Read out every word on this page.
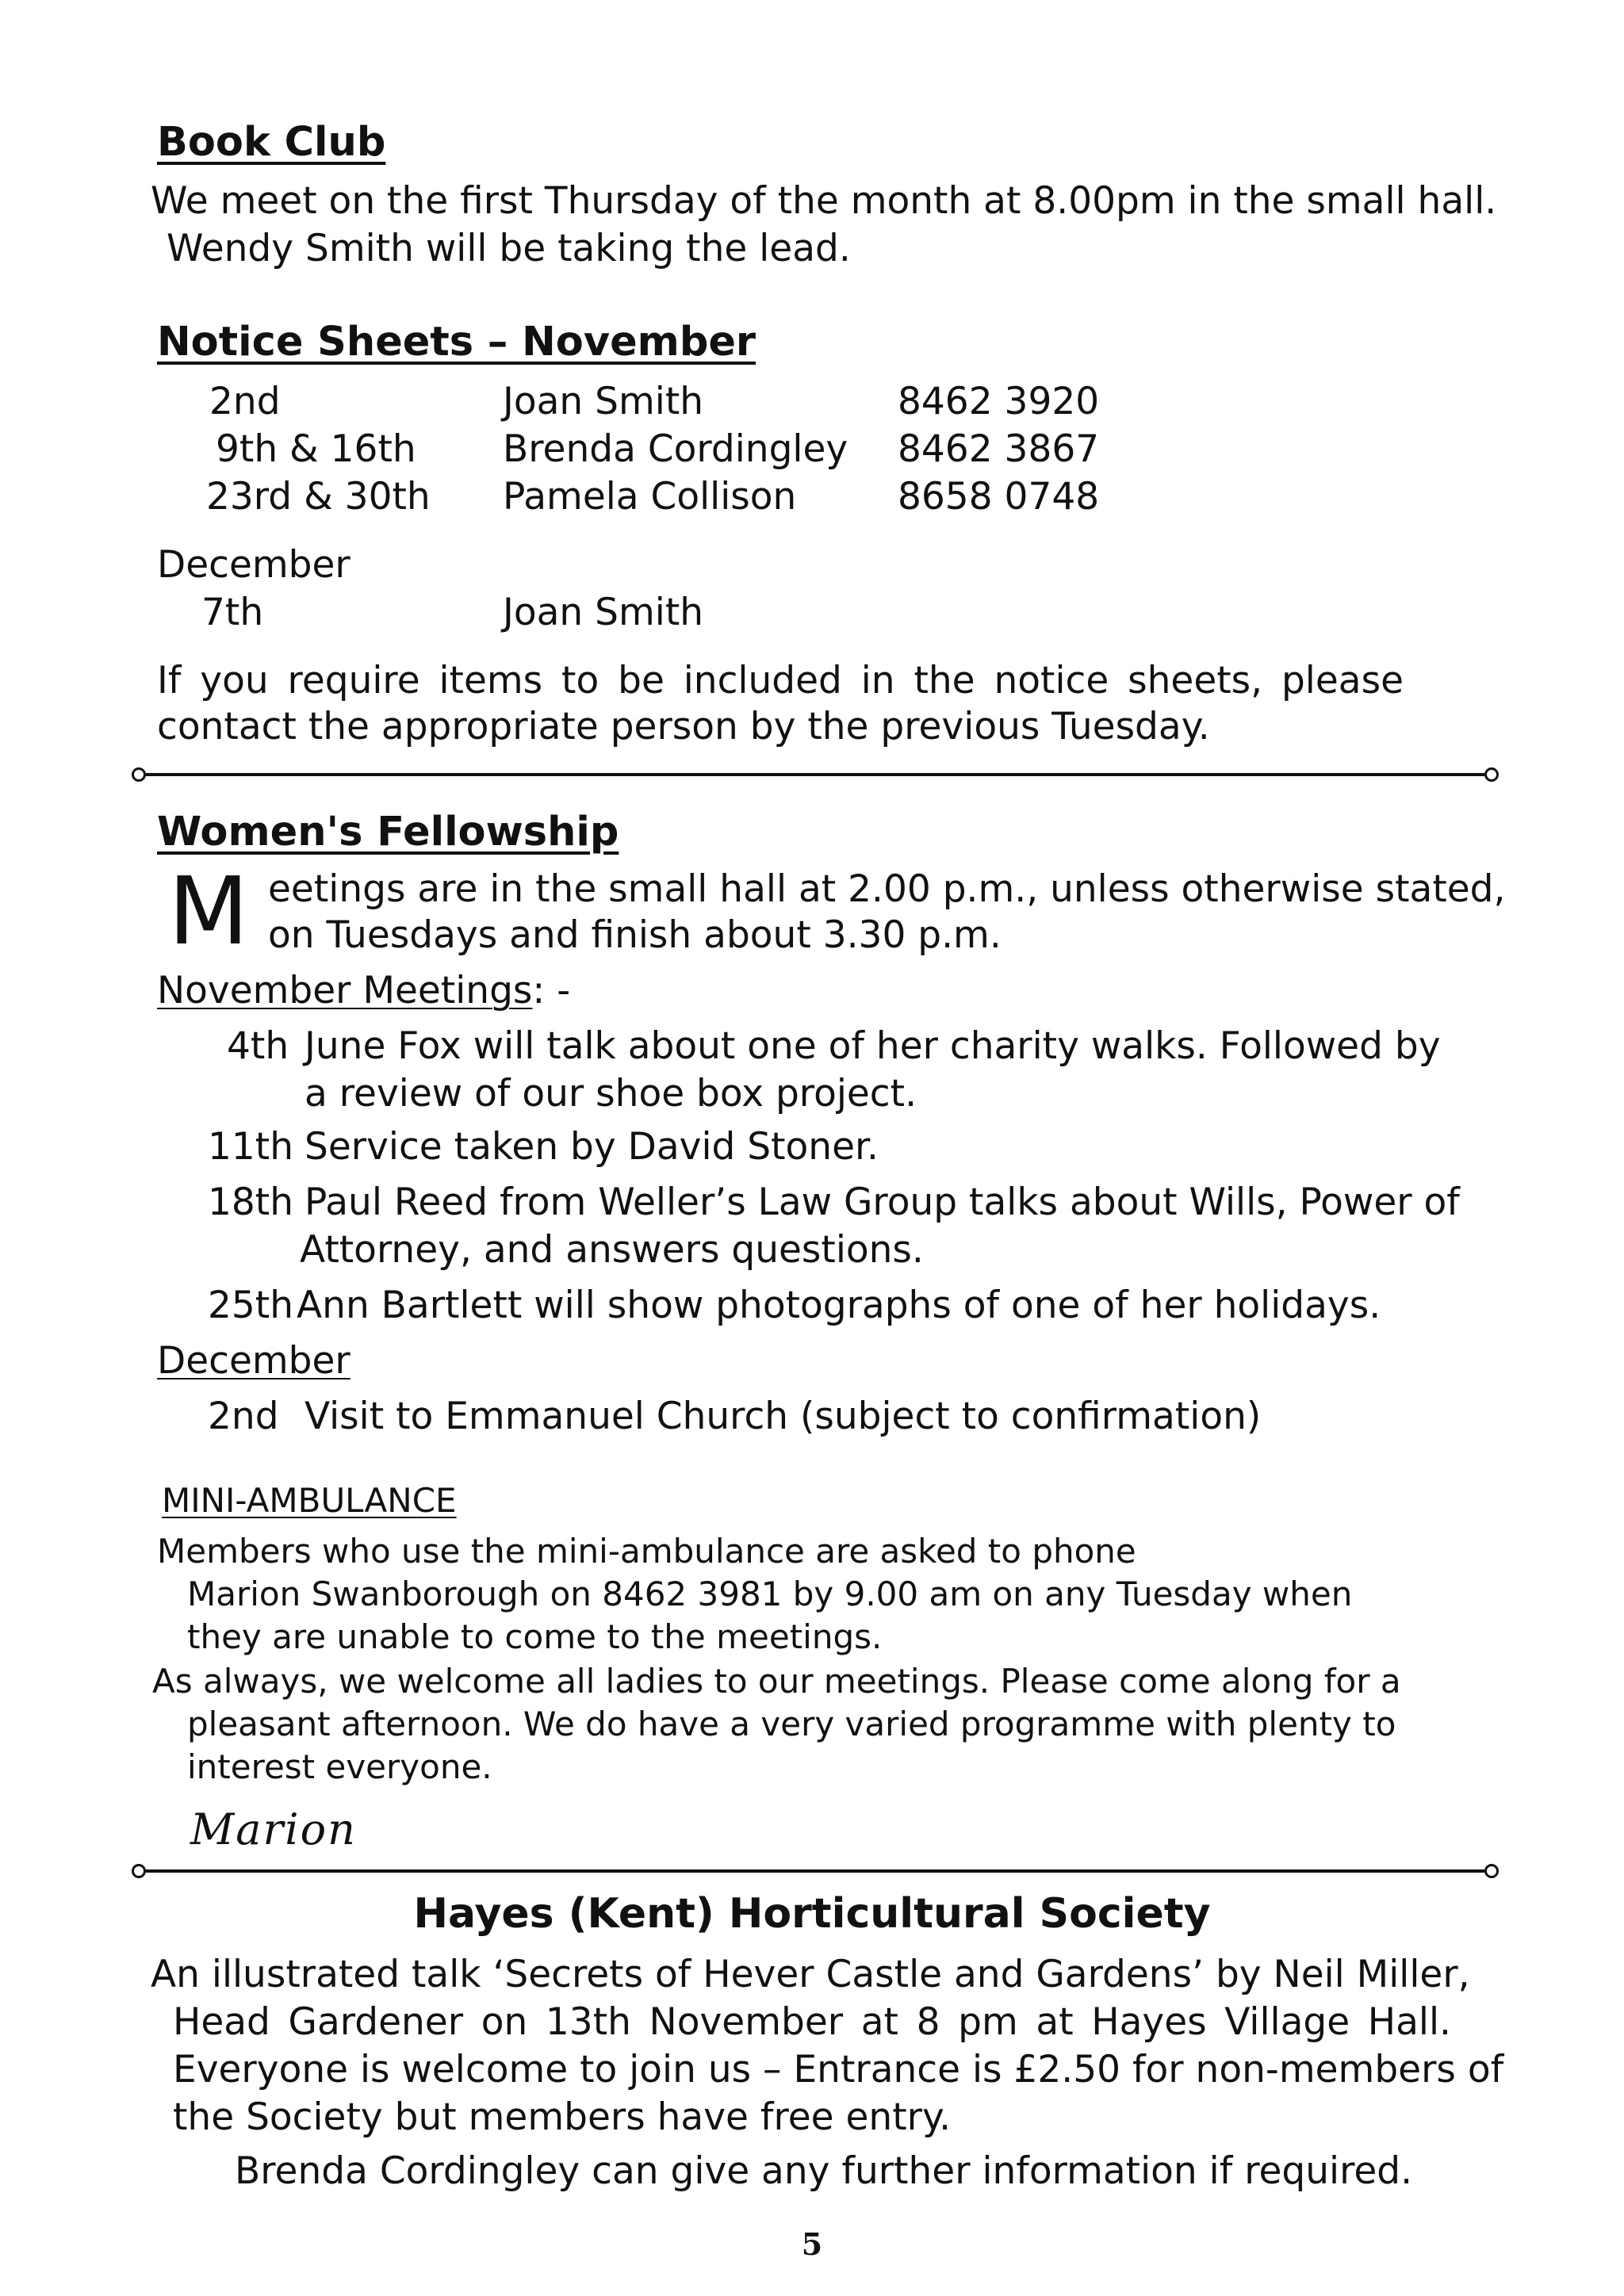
Book Club
We meet on the first Thursday of the month at 8.00pm in the small hall.
Wendy Smith will be taking the lead.
Notice Sheets – November
2nd	Joan Smith	8462 3920
9th & 16th Brenda Cordingley 8462 3867
23rd & 30th Pamela Collison	8658 0748
December
7th	Joan Smith
If you require items to be included in the notice sheets, please
contact the appropriate person by the previous Tuesday.
Women's Fellowship
M eetings are in the small hall at 2.00 p.m., unless otherwise stated,
on Tuesdays and finish about 3.30 p.m.
November Meetings: -
4th June Fox will talk about one of her charity walks. Followed by
a review of our shoe box project.
11th Service taken by David Stoner.
18th Paul Reed from Weller’s Law Group talks about Wills, Power of
Attorney, and answers questions.
25th Ann Bartlett will show photographs of one of her holidays.
December
2nd Visit to Emmanuel Church (subject to confirmation)
MINI-AMBULANCE
Members who use the mini-ambulance are asked to phone
Marion Swanborough on 8462 3981 by 9.00 am on any Tuesday when
they are unable to come to the meetings.
As always, we welcome all ladies to our meetings. Please come along for a
pleasant afternoon. We do have a very varied programme with plenty to
interest everyone.
Marion
Hayes (Kent) Horticultural Society
An illustrated talk ‘Secrets of Hever Castle and Gardens’ by Neil Miller,
Head Gardener on 13th November at 8 pm at Hayes Village Hall.
Everyone is welcome to join us – Entrance is £2.50 for non-members of
the Society but members have free entry.
Brenda Cordingley can give any further information if required.
5
